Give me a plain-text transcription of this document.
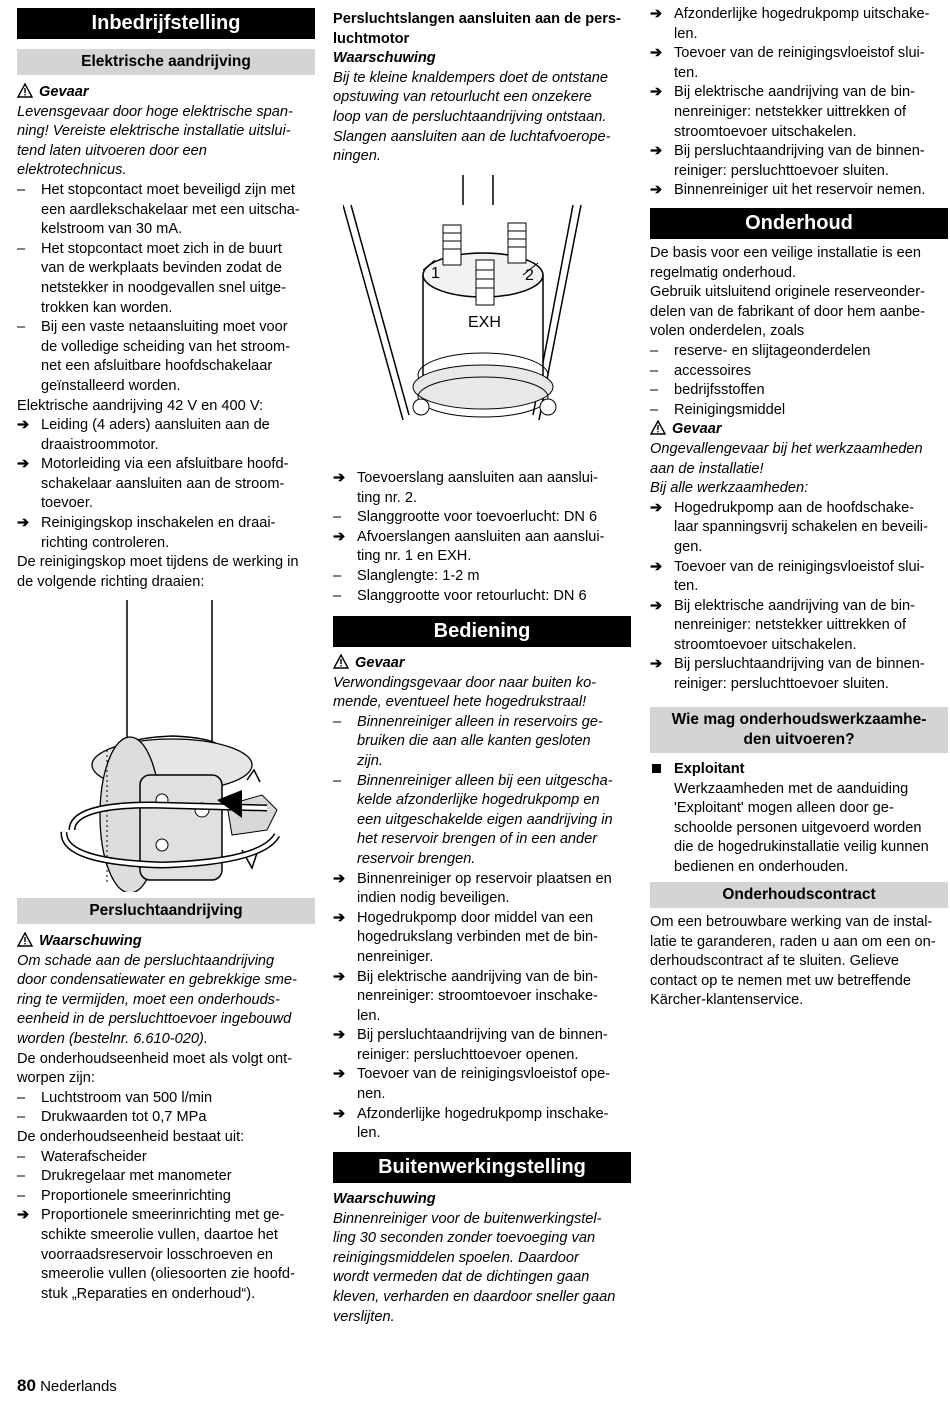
Inbedrijfstelling
Elektrische aandrijving
Gevaar
Levensgevaar door hoge elektrische span-
ning! Vereiste elektrische installatie uitslui-
tend laten uitvoeren door een
elektrotechnicus.
–	Het stopcontact moet beveiligd zijn met
een aardlekschakelaar met een uitscha-
kelstroom van 30 mA.
–	Het stopcontact moet zich in de buurt
van de werkplaats bevinden zodat de
netstekker in noodgevallen snel uitge-
trokken kan worden.
–	Bij een vaste netaansluiting moet voor
de volledige scheiding van het stroom-
net een afsluitbare hoofdschakelaar
geïnstalleerd worden.
Elektrische aandrijving 42 V en 400 V:
➔ Leiding (4 aders) aansluiten aan de
draaistroommotor.
➔ Motorleiding via een afsluitbare hoofd-
schakelaar aansluiten aan de stroom-
toevoer.
➔ Reinigingskop inschakelen en draai-
richting controleren.
De reinigingskop moet tijdens de werking in
de volgende richting draaien:
Persluchtaandrijving
Waarschuwing
Om schade aan de persluchtaandrijving
door condensatiewater en gebrekkige sme-
ring te vermijden, moet een onderhouds-
eenheid in de persluchttoevoer ingebouwd
worden (bestelnr. 6.610-020).
De onderhoudseenheid moet als volgt ont-
worpen zijn:
–	Luchtstroom van 500 l/min
–	Drukwaarden tot 0,7 MPa
De onderhoudseenheid bestaat uit:
–	Waterafscheider
–	Drukregelaar met manometer
–	Proportionele smeerinrichting
➔ Proportionele smeerinrichting met ge-
schikte smeerolie vullen, daartoe het
voorraadsreservoir losschroeven en
smeerolie vullen (oliesoorten zie hoofd-
stuk „Reparaties en onderhoud“).
Persluchtslangen aansluiten aan de pers-
luchtmotor
Waarschuwing
Bij te kleine knaldempers doet de ontstane
opstuwing van retourlucht een onzekere
loop van de persluchtaandrijving ontstaan.
Slangen aansluiten aan de luchtafvoerope-
ningen.
1	2
EXH
➔ Toevoerslang aansluiten aan aanslui-
ting nr. 2.
–	Slanggrootte voor toevoerlucht: DN 6
➔ Afvoerslangen aansluiten aan aanslui-
ting nr. 1 en EXH.
–	Slanglengte: 1-2 m
–	Slanggrootte voor retourlucht: DN 6
Bediening
Gevaar
Verwondingsgevaar door naar buiten ko-
mende, eventueel hete hogedrukstraal!
–	Binnenreiniger alleen in reservoirs ge-
bruiken die aan alle kanten gesloten
zijn.
–	Binnenreiniger alleen bij een uitgescha-
kelde afzonderlijke hogedrukpomp en
een uitgeschakelde eigen aandrijving in
het reservoir brengen of in een ander
reservoir brengen.
➔ Binnenreiniger op reservoir plaatsen en
indien nodig beveiligen.
➔ Hogedrukpomp door middel van een
hogedrukslang verbinden met de bin-
nenreiniger.
➔ Bij elektrische aandrijving van de bin-
nenreiniger: stroomtoevoer inschake-
len.
➔ Bij persluchtaandrijving van de binnen-
reiniger: persluchttoevoer openen.
➔ Toevoer van de reinigingsvloeistof ope-
nen.
➔ Afzonderlijke hogedrukpomp inschake-
len.
Buitenwerkingstelling
Waarschuwing
Binnenreiniger voor de buitenwerkingstel-
ling 30 seconden zonder toevoeging van
reinigingsmiddelen spoelen. Daardoor
wordt vermeden dat de dichtingen gaan
kleven, verharden en daardoor sneller gaan
verslijten.
➔ Afzonderlijke hogedrukpomp uitschake-
len.
➔ Toevoer van de reinigingsvloeistof slui-
ten.
➔ Bij elektrische aandrijving van de bin-
nenreiniger: netstekker uittrekken of
stroomtoevoer uitschakelen.
➔ Bij persluchtaandrijving van de binnen-
reiniger: persluchttoevoer sluiten.
➔ Binnenreiniger uit het reservoir nemen.
Onderhoud
De basis voor een veilige installatie is een
regelmatig onderhoud.
Gebruik uitsluitend originele reserveonder-
delen van de fabrikant of door hem aanbe-
volen onderdelen, zoals
–	reserve- en slijtageonderdelen
–	accessoires
–	bedrijfsstoffen
–	Reinigingsmiddel
Gevaar
Ongevallengevaar bij het werkzaamheden
aan de installatie!
Bij alle werkzaamheden:
➔ Hogedrukpomp aan de hoofdschake-
laar spanningsvrij schakelen en beveili-
gen.
➔ Toevoer van de reinigingsvloeistof slui-
ten.
➔ Bij elektrische aandrijving van de bin-
nenreiniger: netstekker uittrekken of
stroomtoevoer uitschakelen.
➔ Bij persluchtaandrijving van de binnen-
reiniger: persluchttoevoer sluiten.
Wie mag onderhoudswerkzaamhe-
den uitvoeren?
Exploitant
Werkzaamheden met de aanduiding
'Exploitant' mogen alleen door ge-
schoolde personen uitgevoerd worden
die de hogedrukinstallatie veilig kunnen
bedienen en onderhouden.
Onderhoudscontract
Om een betrouwbare werking van de instal-
latie te garanderen, raden u aan om een on-
derhoudscontract af te sluiten. Gelieve
contact op te nemen met uw betreffende
Kärcher-klantenservice.
80 Nederlands
